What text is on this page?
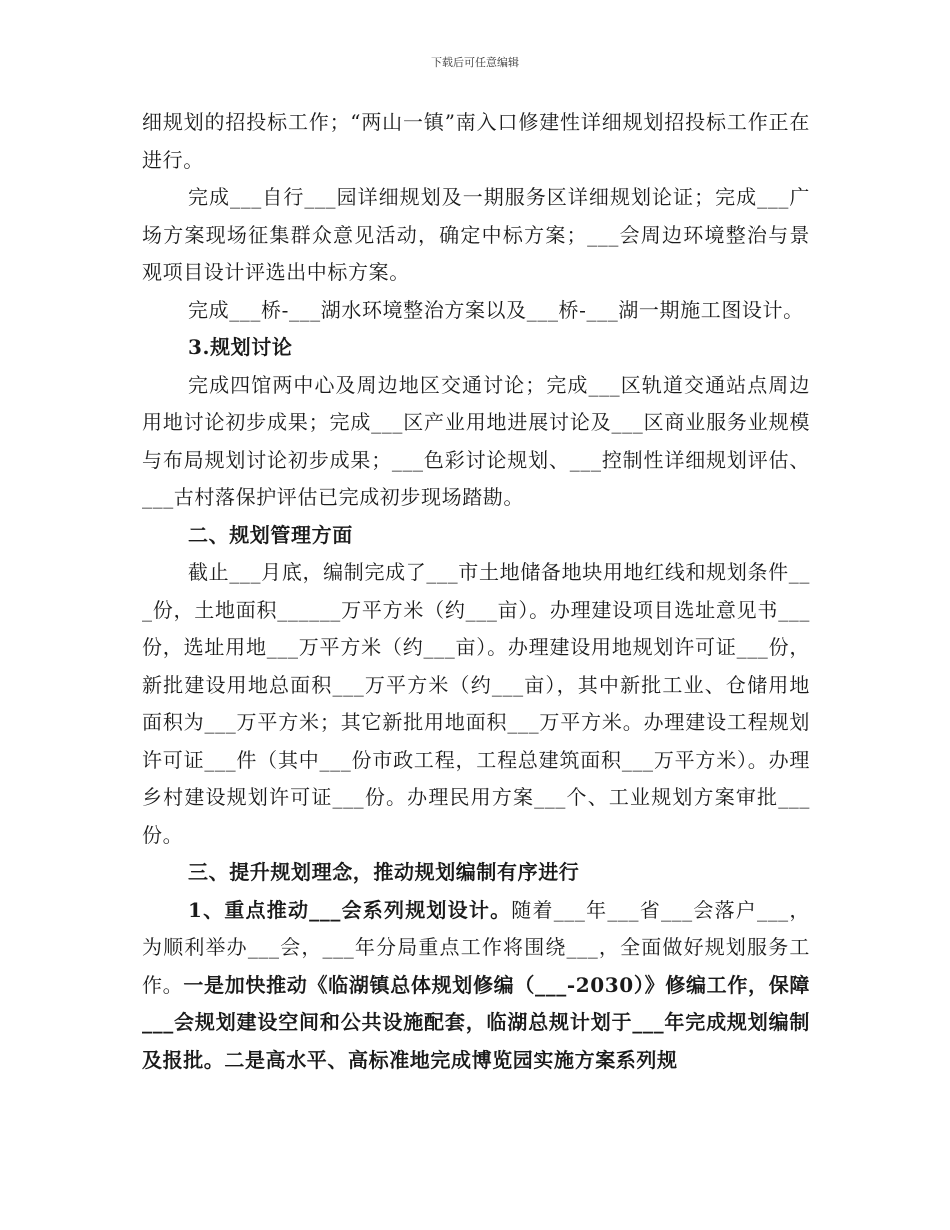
下载后可任意编辑

细规划的招投标工作；“两山一镇”南入口修建性详细规划招投标工作正在进行。

完成___自行___园详细规划及一期服务区详细规划论证；完成___广场方案现场征集群众意见活动，确定中标方案；___会周边环境整治与景观项目设计评选出中标方案。

完成___桥-___湖水环境整治方案以及___桥-___湖一期施工图设计。

3.规划讨论

完成四馆两中心及周边地区交通讨论；完成___区轨道交通站点周边用地讨论初步成果；完成___区产业用地进展讨论及___区商业服务业规模与布局规划讨论初步成果；___色彩讨论规划、___控制性详细规划评估、___古村落保护评估已完成初步现场踏勘。

二、规划管理方面

截止___月底，编制完成了___市土地储备地块用地红线和规划条件___份，土地面积______万平方米（约___亩）。办理建设项目选址意见书___份，选址用地___万平方米（约___亩）。办理建设用地规划许可证___份，新批建设用地总面积___万平方米（约___亩），其中新批工业、仓储用地面积为___万平方米；其它新批用地面积___万平方米。办理建设工程规划许可证___件（其中___份市政工程，工程总建筑面积___万平方米）。办理乡村建设规划许可证___份。办理民用方案___个、工业规划方案审批___份。

三、提升规划理念，推动规划编制有序进行

1、重点推动___会系列规划设计。随着___年___省___会落户___，为顺利举办___会，___年分局重点工作将围绕___，全面做好规划服务工作。一是加快推动《临湖镇总体规划修编（___-2030）》修编工作，保障___会规划建设空间和公共设施配套，临湖总规计划于___年完成规划编制及报批。二是高水平、高标准地完成博览园实施方案系列规
